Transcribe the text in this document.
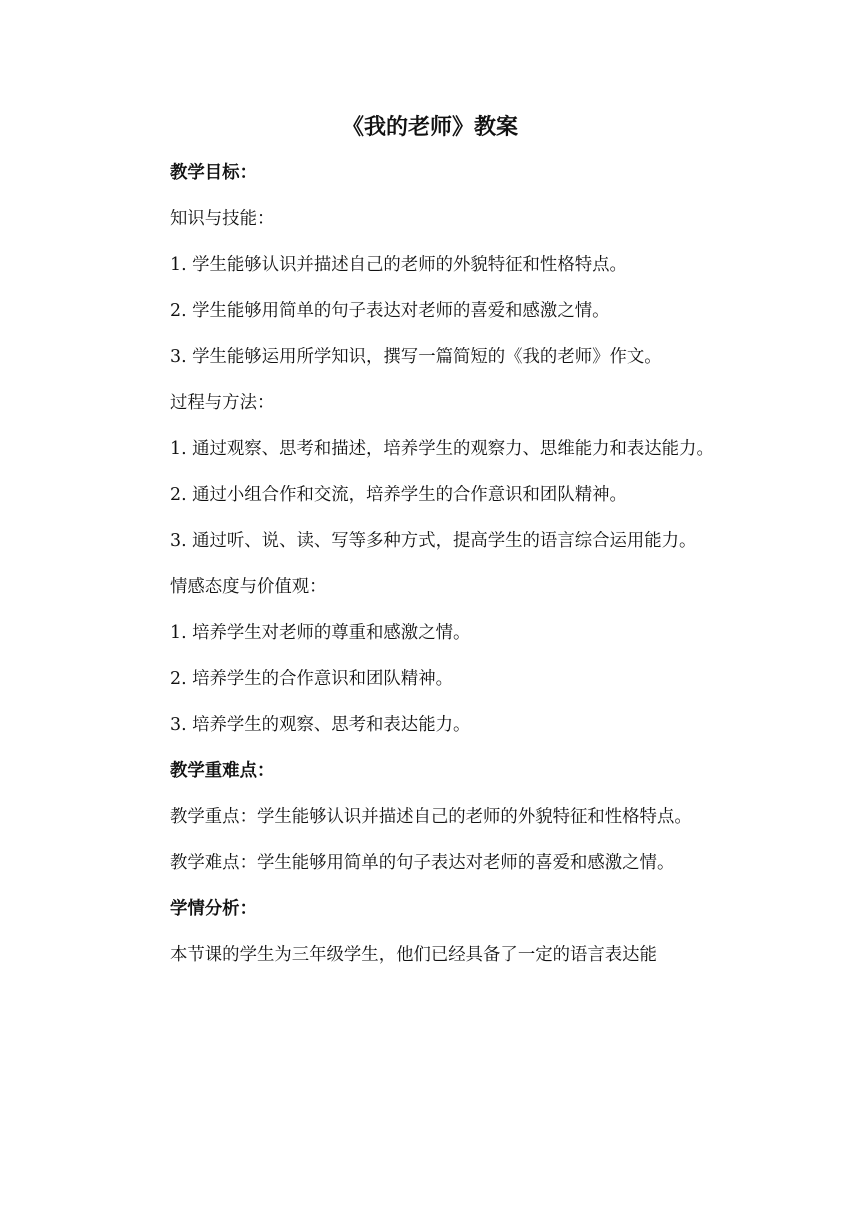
《我的老师》教案
教学目标：
知识与技能：
1. 学生能够认识并描述自己的老师的外貌特征和性格特点。
2. 学生能够用简单的句子表达对老师的喜爱和感激之情。
3. 学生能够运用所学知识，撰写一篇简短的《我的老师》作文。
过程与方法：
1. 通过观察、思考和描述，培养学生的观察力、思维能力和表达能力。
2. 通过小组合作和交流，培养学生的合作意识和团队精神。
3. 通过听、说、读、写等多种方式，提高学生的语言综合运用能力。
情感态度与价值观：
1. 培养学生对老师的尊重和感激之情。
2. 培养学生的合作意识和团队精神。
3. 培养学生的观察、思考和表达能力。
教学重难点：
教学重点：学生能够认识并描述自己的老师的外貌特征和性格特点。
教学难点：学生能够用简单的句子表达对老师的喜爱和感激之情。
学情分析：
本节课的学生为三年级学生，他们已经具备了一定的语言表达能
